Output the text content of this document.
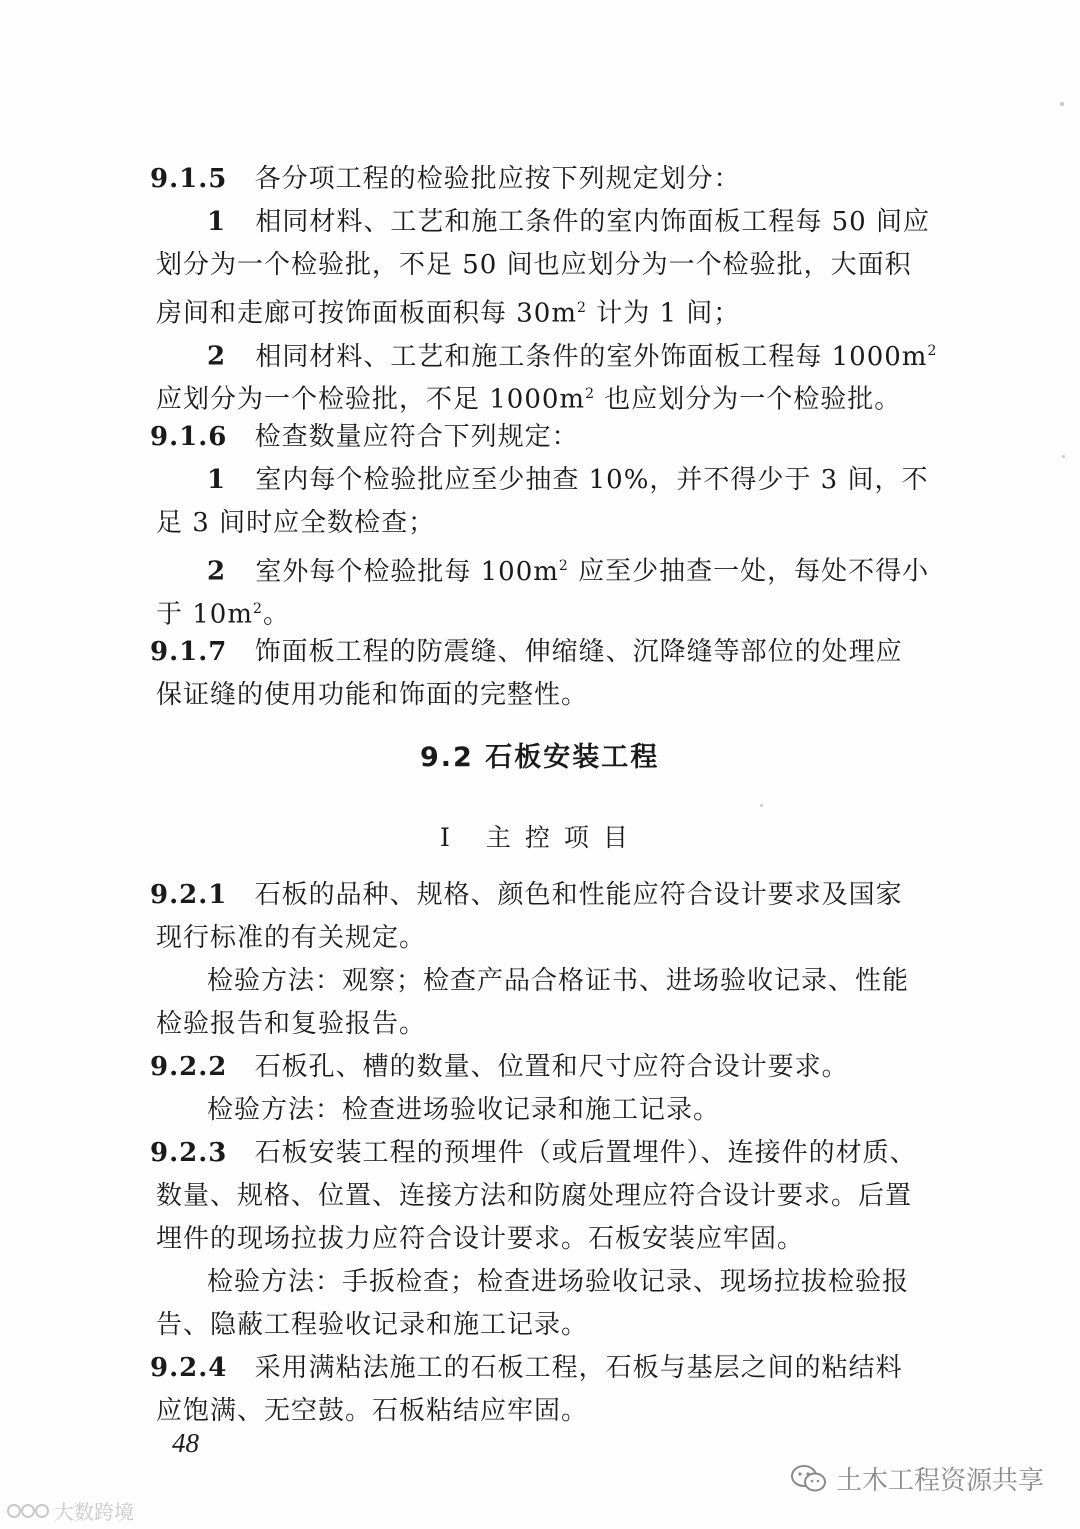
9.1.5 各分项工程的检验批应按下列规定划分：
1 相同材料、工艺和施工条件的室内饰面板工程每 50 间应
划分为一个检验批，不足 50 间也应划分为一个检验批，大面积
房间和走廊可按饰面板面积每 $30m^2$ 计为 1 间；
2 相同材料、工艺和施工条件的室外饰面板工程每 $1000m^2$
应划分为一个检验批，不足 $1000m^2$ 也应划分为一个检验批。
9.1.6 检查数量应符合下列规定：
1 室内每个检验批应至少抽查 10%，并不得少于 3 间，不
足 3 间时应全数检查；
2 室外每个检验批每 $100m^2$ 应至少抽查一处，每处不得小
于 $10m^2$。
9.1.7 饰面板工程的防震缝、伸缩缝、沉降缝等部位的处理应
保证缝的使用功能和饰面的完整性。
9.2 石板安装工程
Ⅰ 主控项目
9.2.1 石板的品种、规格、颜色和性能应符合设计要求及国家
现行标准的有关规定。
检验方法：观察；检查产品合格证书、进场验收记录、性能
检验报告和复验报告。
9.2.2 石板孔、槽的数量、位置和尺寸应符合设计要求。
检验方法：检查进场验收记录和施工记录。
9.2.3 石板安装工程的预埋件（或后置埋件）、连接件的材质、
数量、规格、位置、连接方法和防腐处理应符合设计要求。后置
埋件的现场拉拔力应符合设计要求。石板安装应牢固。
检验方法：手扳检查；检查进场验收记录、现场拉拔检验报
告、隐蔽工程验收记录和施工记录。
9.2.4 采用满粘法施工的石板工程，石板与基层之间的粘结料
应饱满、无空鼓。石板粘结应牢固。
48
土木工程资源共享
大数跨境
